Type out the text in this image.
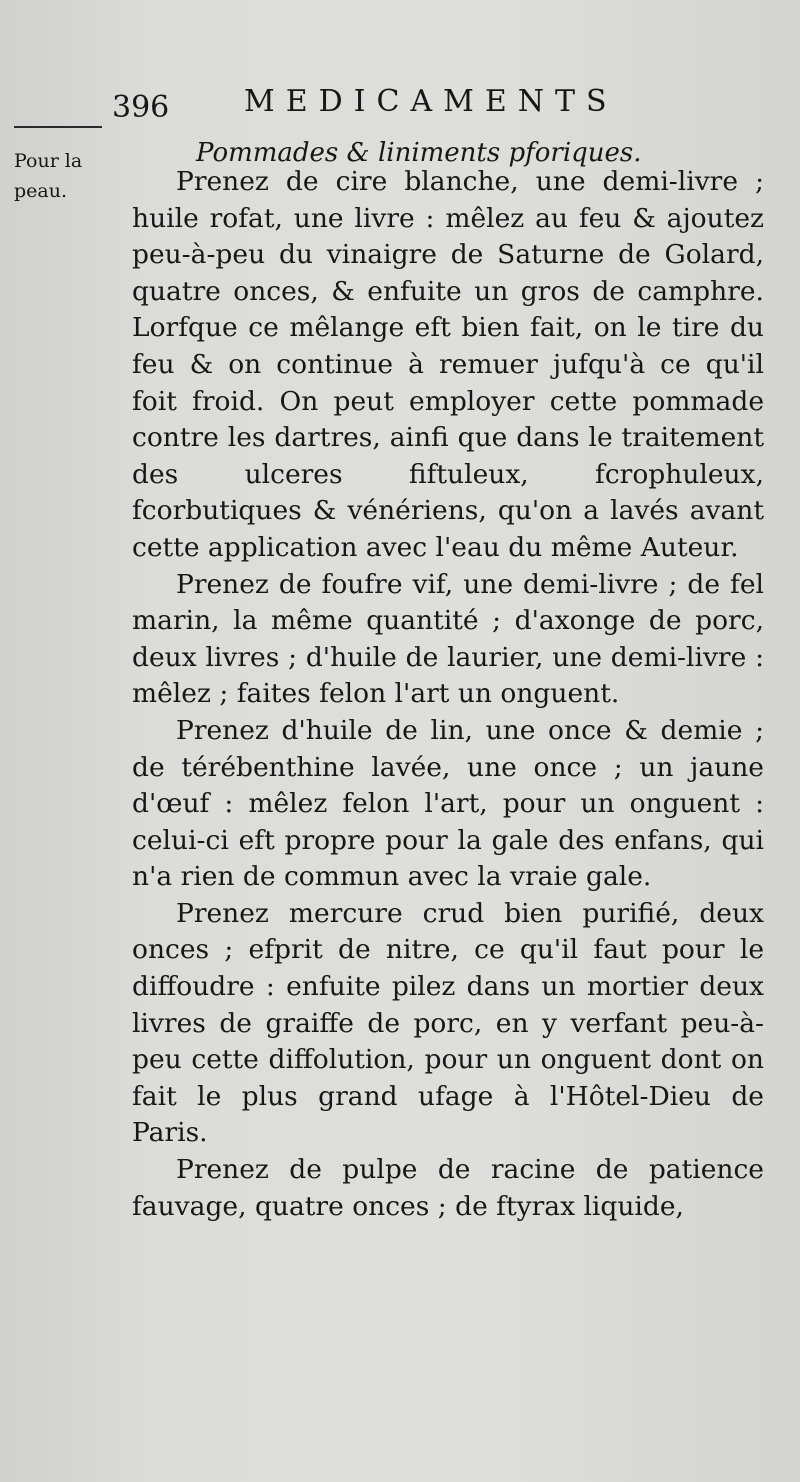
396 MEDICAMENTS
Pour la
peau.
Pommades & liniments pforiques.

Prenez de cire blanche, une demi-livre ; huile rofat, une livre : mêlez au feu & ajoutez peu-à-peu du vinaigre de Saturne de Golard, quatre onces, & enfuite un gros de camphre. Lorfque ce mêlange eft bien fait, on le tire du feu & on continue à remuer jufqu'à ce qu'il foit froid. On peut employer cette pommade contre les dartres, ainfi que dans le traitement des ulceres fiftuleux, fcrophuleux, fcorbutiques & vénériens, qu'on a lavés avant cette application avec l'eau du même Auteur.

Prenez de foufre vif, une demi-livre ; de fel marin, la même quantité ; d'axonge de porc, deux livres ; d'huile de laurier, une demi-livre : mêlez ; faites felon l'art un onguent.

Prenez d'huile de lin, une once & demie ; de térébenthine lavée, une once ; un jaune d'œuf : mêlez felon l'art, pour un onguent : celui-ci eft propre pour la gale des enfans, qui n'a rien de commun avec la vraie gale.

Prenez mercure crud bien purifié, deux onces ; efprit de nitre, ce qu'il faut pour le diffoudre : enfuite pilez dans un mortier deux livres de graiffe de porc, en y verfant peu-à-peu cette diffolution, pour un onguent dont on fait le plus grand ufage à l'Hôtel-Dieu de Paris.

Prenez de pulpe de racine de patience fauvage, quatre onces ; de ftyrax liquide,
